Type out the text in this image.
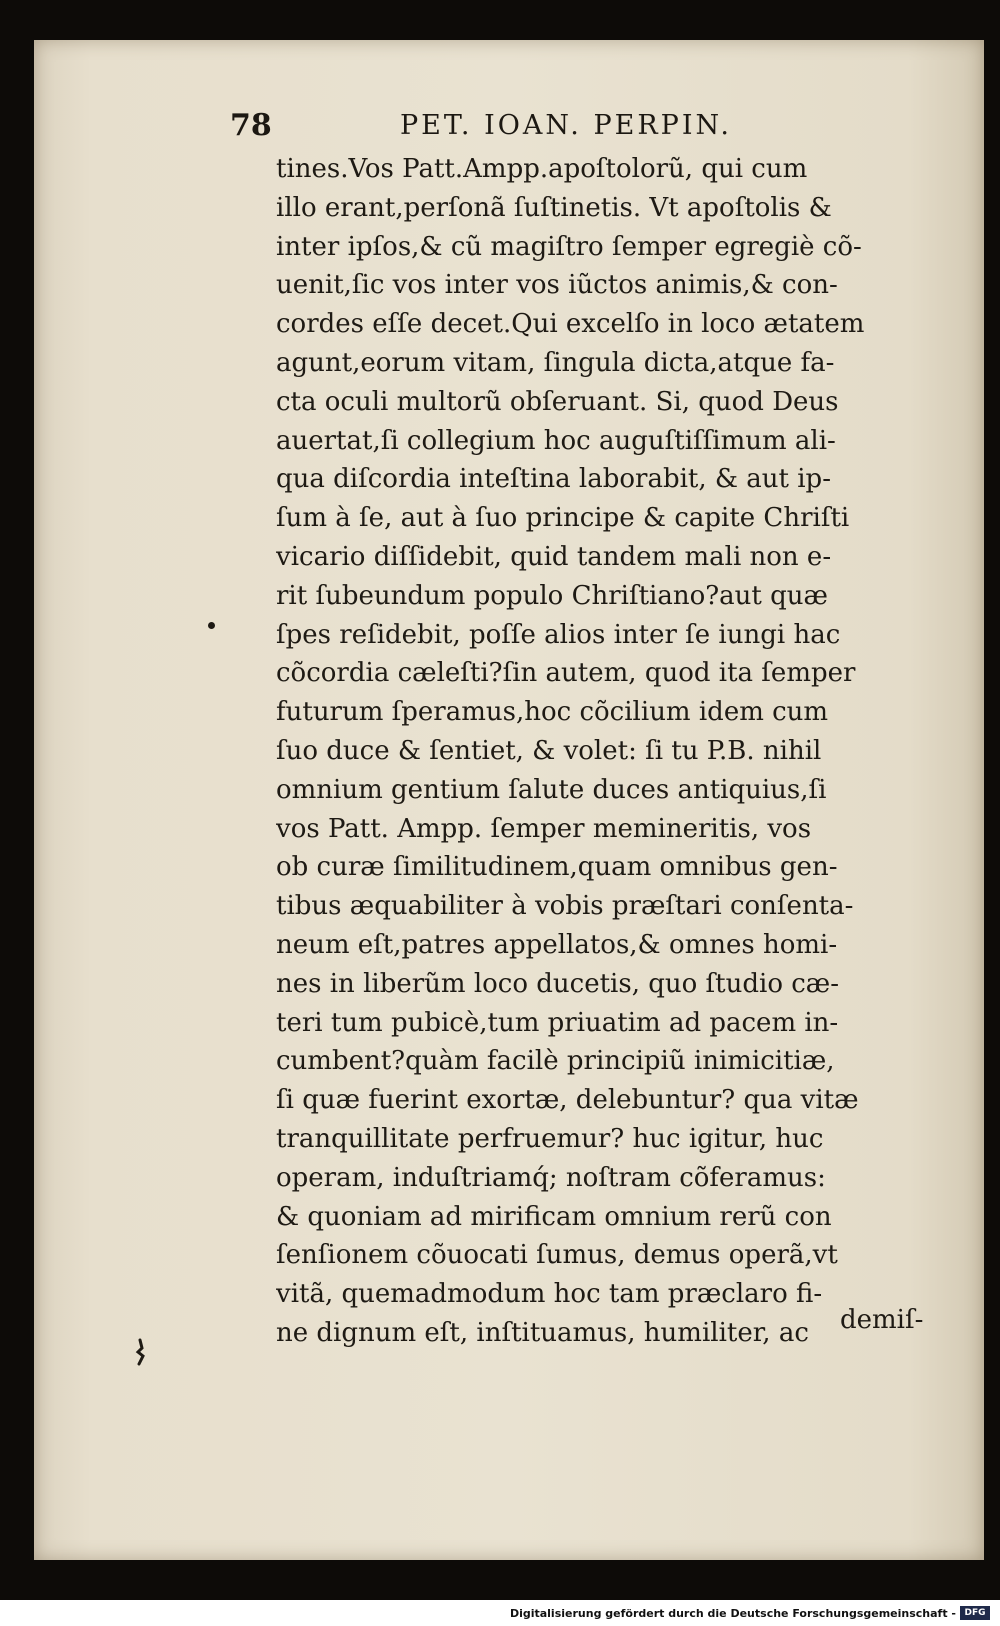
78	PET. IOAN. PERPIN.
tines.Vos Patt.Ampp.apoſtolorũ, qui cum
illo erant,perſonã ſuſtinetis. Vt apoſtolis &
inter ipſos,& cũ magiſtro ſemper egregiè cõ-
uenit,ſic vos inter vos iũctos animis,& con-
cordes eſſe decet.Qui excelſo in loco ætatem
agunt,eorum vitam, ſingula dicta,atque fa-
cta oculi multorũ obſeruant. Si, quod Deus
auertat,ſi collegium hoc auguſtiſſimum ali-
qua diſcordia inteſtina laborabit, & aut ip-
ſum à ſe, aut à ſuo principe & capite Chriſti
vicario diſſidebit, quid tandem mali non e-
rit ſubeundum populo Chriſtiano?aut quæ
ſpes reſidebit, poſſe alios inter ſe iungi hac
cõcordia cæleſti?ſin autem, quod ita ſemper
futurum ſperamus,hoc cõcilium idem cum
ſuo duce & ſentiet, & volet: ſi tu P.B. nihil
omnium gentium ſalute duces antiquius,ſi
vos Patt. Ampp. ſemper memineritis, vos
ob curæ ſimilitudinem,quam omnibus gen-
tibus æquabiliter à vobis præſtari conſenta-
neum eſt,patres appellatos,& omnes homi-
nes in liberũm loco ducetis, quo ſtudio cæ-
teri tum pubicè,tum priuatim ad pacem in-
cumbent?quàm facilè principiũ inimicitiæ,
ſi quæ fuerint exortæ, delebuntur? qua vitæ
tranquillitate perfruemur? huc igitur, huc
operam, induſtriamq́; noſtram cõferamus:
& quoniam ad mirificam omnium rerũ con
ſenſionem cõuocati ſumus, demus operã,vt
vitã, quemadmodum hoc tam præclaro fi-
ne dignum eſt, inſtituamus, humiliter, ac	demiſ-
Digitalisierung gefördert durch die Deutsche Forschungsgemeinschaft - DFG
